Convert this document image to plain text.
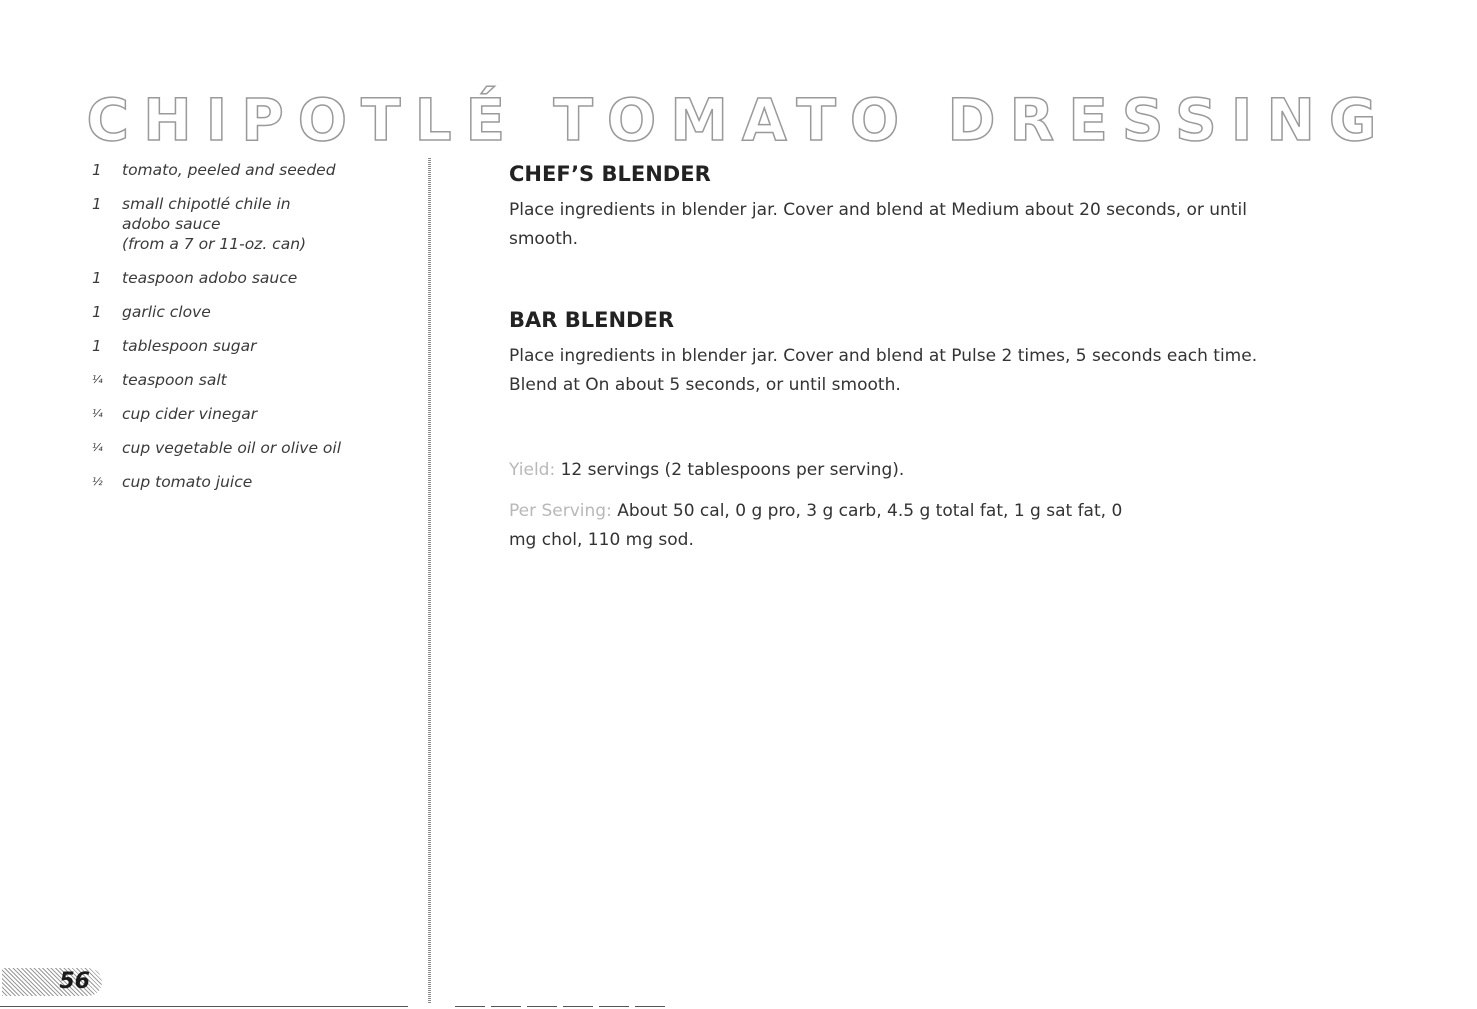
CHIPOTLÉ TOMATO DRESSING
1	tomato, peeled and seeded
1	small chipotlé chile in
adobo sauce
(from a 7 or 11-oz. can)
1	teaspoon adobo sauce
1	garlic clove
1	tablespoon sugar
¼	teaspoon salt
¼	cup cider vinegar
¼	cup vegetable oil or olive oil
½	cup tomato juice
CHEF’S BLENDER

Place ingredients in blender jar. Cover and blend at Medium about 20 seconds, or until smooth.

BAR BLENDER

Place ingredients in blender jar. Cover and blend at Pulse 2 times, 5 seconds each time. Blend at On about 5 seconds, or until smooth.

Yield: 12 servings (2 tablespoons per serving).

Per Serving: About 50 cal, 0 g pro, 3 g carb, 4.5 g total fat, 1 g sat fat, 0 mg chol, 110 mg sod.

56
